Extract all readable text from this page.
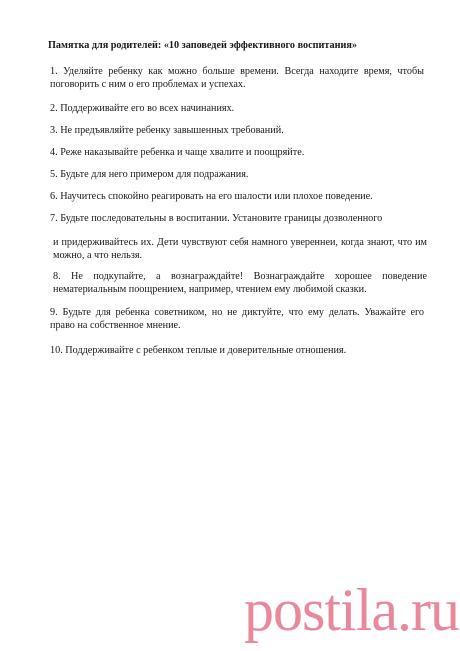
Памятка для родителей: «10 заповедей эффективного воспитания»

1. Уделяйте ребенку как можно больше времени. Всегда находите время, чтобы поговорить с ним о его проблемах и успехах.

2. Поддерживайте его во всех начинаниях.

3. Не предъявляйте ребенку завышенных требований.

4. Реже наказывайте ребенка и чаще хвалите и поощряйте.

5. Будьте для него примером для подражания.

6. Научитесь спокойно реагировать на его шалости или плохое поведение.

7. Будьте последовательны в воспитании. Установите границы дозволенного

и придерживайтесь их. Дети чувствуют себя намного увереннеи, когда знают, что им можно, а что нельзя.

8. Не подкупайте, а вознаграждайте! Вознаграждайте хорошее поведение нематериальным поощрением, например, чтением ему любимой сказки.

9. Будьте для ребенка советником, но не диктуйте, что ему делать. Уважайте его право на собственное мнение.

10. Поддерживайте с ребенком теплые и доверительные отношения.

postila.ru
